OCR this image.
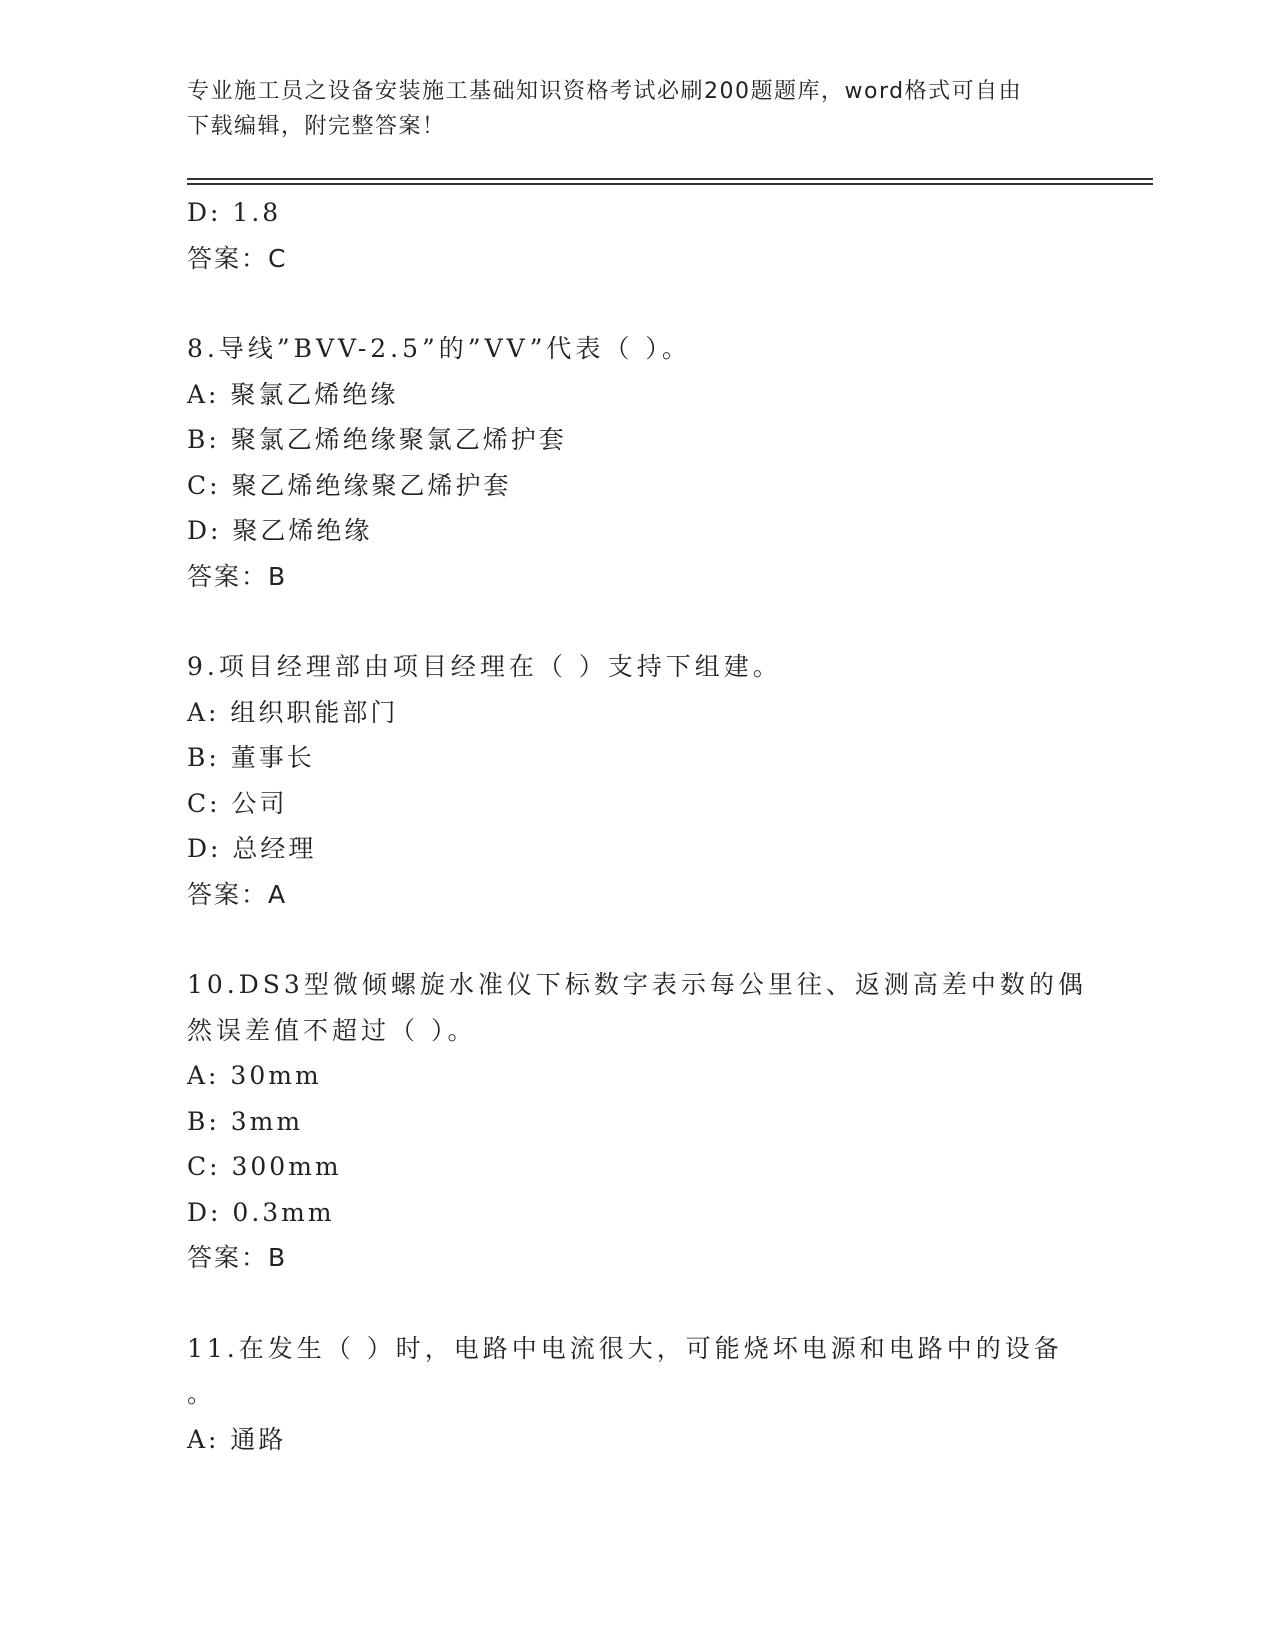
专业施工员之设备安装施工基础知识资格考试必刷200题题库，word格式可自由
下载编辑，附完整答案！
D: 1.8
答案：C
8.导线”BVV-2.5”的”VV”代表（ ）。
A: 聚氯乙烯绝缘
B: 聚氯乙烯绝缘聚氯乙烯护套
C: 聚乙烯绝缘聚乙烯护套
D: 聚乙烯绝缘
答案：B
9.项目经理部由项目经理在（ ）支持下组建。
A: 组织职能部门
B: 董事长
C: 公司
D: 总经理
答案：A
10.DS3型微倾螺旋水准仪下标数字表示每公里往、返测高差中数的偶
然误差值不超过（ ）。
A: 30mm
B: 3mm
C: 300mm
D: 0.3mm
答案：B
11.在发生（ ）时，电路中电流很大，可能烧坏电源和电路中的设备
。
A: 通路
